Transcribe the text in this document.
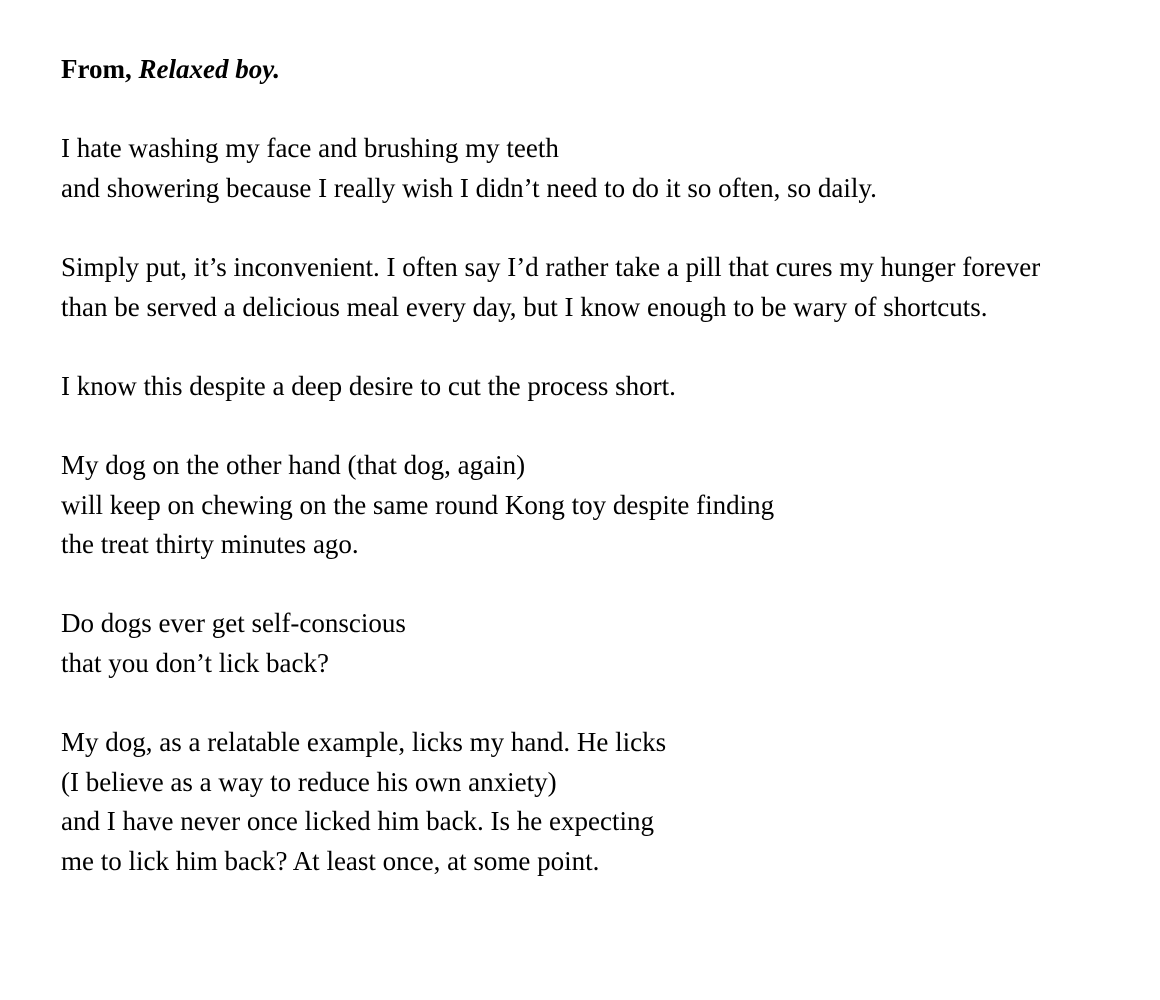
From, Relaxed boy.

I hate washing my face and brushing my teeth
and showering because I really wish I didn’t need to do it so often, so daily.

Simply put, it’s inconvenient. I often say I’d rather take a pill that cures my hunger forever
than be served a delicious meal every day, but I know enough to be wary of shortcuts.

I know this despite a deep desire to cut the process short.

My dog on the other hand (that dog, again)
will keep on chewing on the same round Kong toy despite finding
the treat thirty minutes ago.

Do dogs ever get self-conscious
that you don’t lick back?

My dog, as a relatable example, licks my hand. He licks
(I believe as a way to reduce his own anxiety)
and I have never once licked him back. Is he expecting
me to lick him back? At least once, at some point.
